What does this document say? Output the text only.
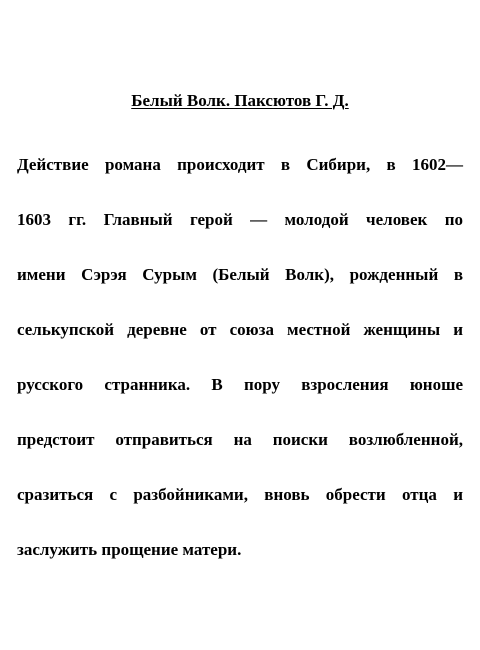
Белый Волк. Паксютов Г. Д.
Действие романа происходит в Сибири, в 1602—
1603 гг. Главный герой — молодой человек по
имени Сэрэя Сурым (Белый Волк), рожденный в
селькупской деревне от союза местной женщины и
русского странника. В пору взросления юноше
предстоит отправиться на поиски возлюбленной,
сразиться с разбойниками, вновь обрести отца и
заслужить прощение матери.
